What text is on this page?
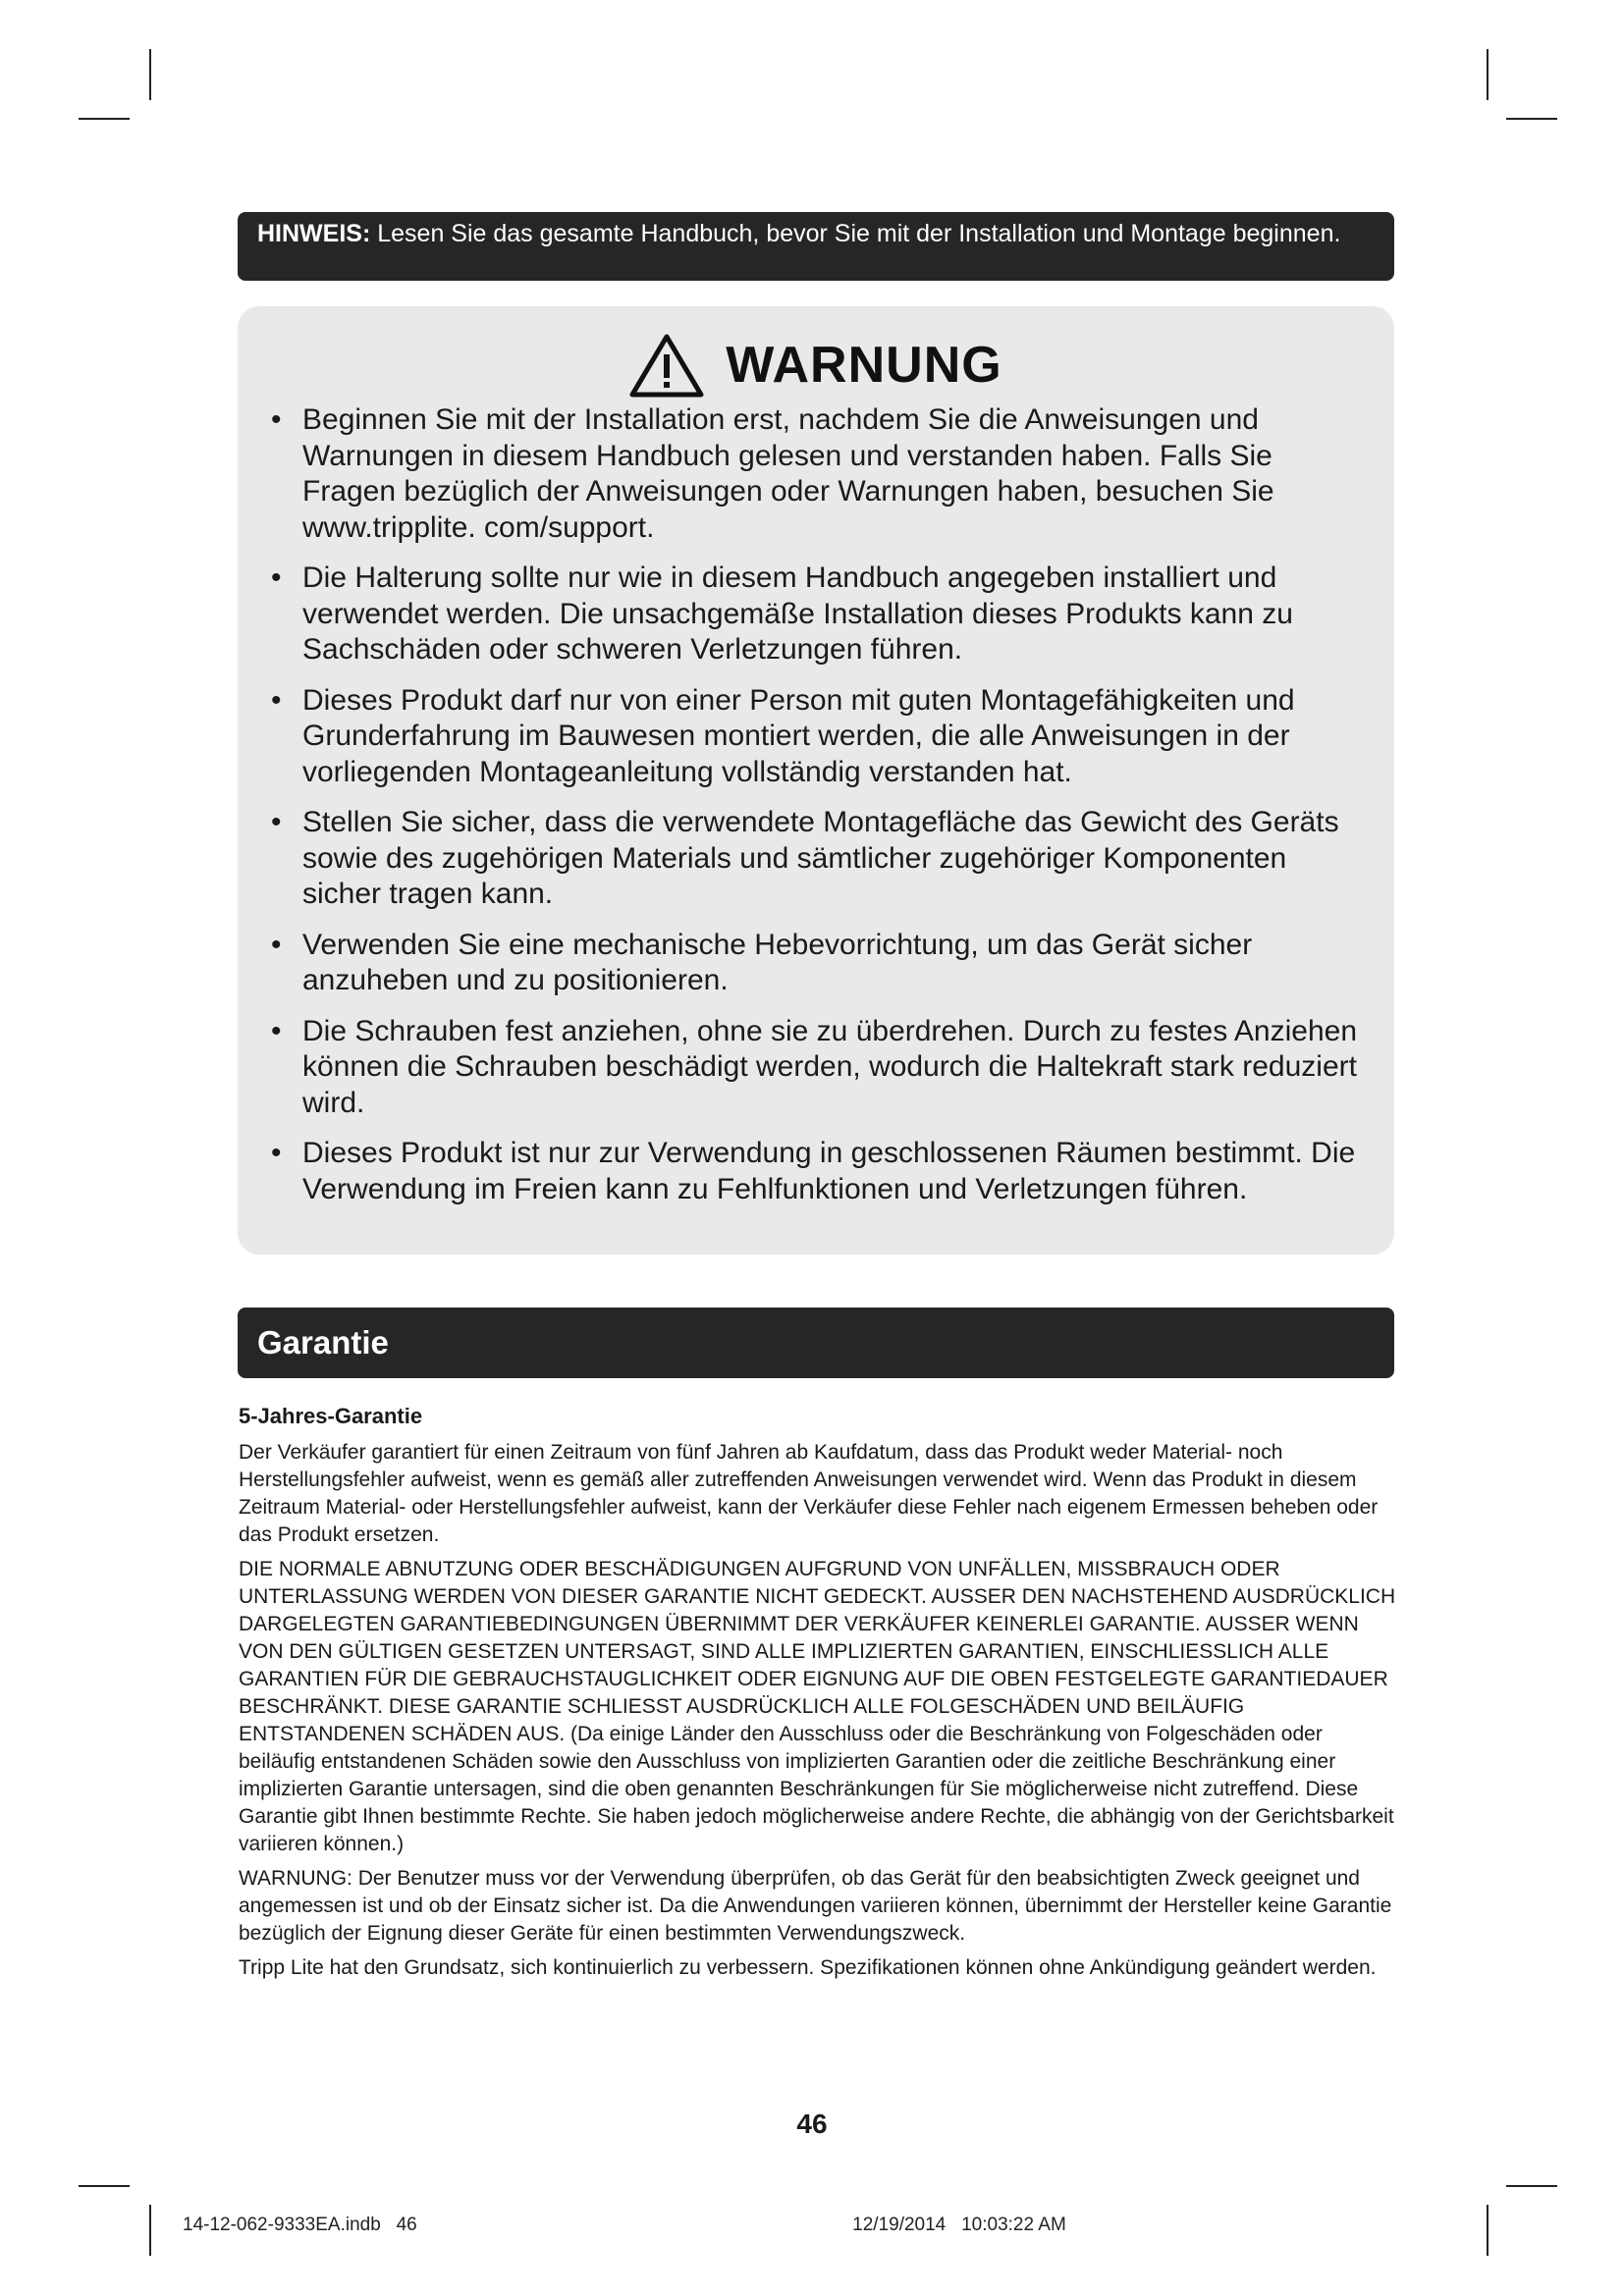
HINWEIS: Lesen Sie das gesamte Handbuch, bevor Sie mit der Installation und Montage beginnen.
WARNUNG
• Beginnen Sie mit der Installation erst, nachdem Sie die Anweisungen und Warnungen in diesem Handbuch gelesen und verstanden haben. Falls Sie Fragen bezüglich der Anweisungen oder Warnungen haben, besuchen Sie www.tripplite. com/support.
• Die Halterung sollte nur wie in diesem Handbuch angegeben installiert und verwendet werden. Die unsachgemäße Installation dieses Produkts kann zu Sachschäden oder schweren Verletzungen führen.
• Dieses Produkt darf nur von einer Person mit guten Montagefähigkeiten und Grunderfahrung im Bauwesen montiert werden, die alle Anweisungen in der vorliegenden Montageanleitung vollständig verstanden hat.
• Stellen Sie sicher, dass die verwendete Montagefläche das Gewicht des Geräts sowie des zugehörigen Materials und sämtlicher zugehöriger Komponenten sicher tragen kann.
• Verwenden Sie eine mechanische Hebevorrichtung, um das Gerät sicher anzuheben und zu positionieren.
• Die Schrauben fest anziehen, ohne sie zu überdrehen. Durch zu festes Anziehen können die Schrauben beschädigt werden, wodurch die Haltekraft stark reduziert wird.
• Dieses Produkt ist nur zur Verwendung in geschlossenen Räumen bestimmt. Die Verwendung im Freien kann zu Fehlfunktionen und Verletzungen führen.
Garantie
5-Jahres-Garantie

Der Verkäufer garantiert für einen Zeitraum von fünf Jahren ab Kaufdatum, dass das Produkt weder Material- noch Herstellungsfehler aufweist, wenn es gemäß aller zutreffenden Anweisungen verwendet wird. Wenn das Produkt in diesem Zeitraum Material- oder Herstellungsfehler aufweist, kann der Verkäufer diese Fehler nach eigenem Ermessen beheben oder das Produkt ersetzen.

DIE NORMALE ABNUTZUNG ODER BESCHÄDIGUNGEN AUFGRUND VON UNFÄLLEN, MISSBRAUCH ODER UNTERLASSUNG WERDEN VON DIESER GARANTIE NICHT GEDECKT. AUSSER DEN NACHSTEHEND AUSDRÜCKLICH DARGELEGTEN GARANTIEBEDINGUNGEN ÜBERNIMMT DER VERKÄUFER KEINERLEI GARANTIE. AUSSER WENN VON DEN GÜLTIGEN GESETZEN UNTERSAGT, SIND ALLE IMPLIZIERTEN GARANTIEN, EINSCHLIESSLICH ALLE GARANTIEN FÜR DIE GEBRAUCHSTAUGLICHKEIT ODER EIGNUNG AUF DIE OBEN FESTGELEGTE GARANTIEDAUER BESCHRÄNKT. DIESE GARANTIE SCHLIESST AUSDRÜCKLICH ALLE FOLGESCHÄDEN UND BEILÄUFIG ENTSTANDENEN SCHÄDEN AUS. (Da einige Länder den Ausschluss oder die Beschränkung von Folgeschäden oder beiläufig entstandenen Schäden sowie den Ausschluss von implizierten Garantien oder die zeitliche Beschränkung einer implizierten Garantie untersagen, sind die oben genannten Beschränkungen für Sie möglicherweise nicht zutreffend. Diese Garantie gibt Ihnen bestimmte Rechte. Sie haben jedoch möglicherweise andere Rechte, die abhängig von der Gerichtsbarkeit variieren können.)

WARNUNG: Der Benutzer muss vor der Verwendung überprüfen, ob das Gerät für den beabsichtigten Zweck geeignet und angemessen ist und ob der Einsatz sicher ist. Da die Anwendungen variieren können, übernimmt der Hersteller keine Garantie bezüglich der Eignung dieser Geräte für einen bestimmten Verwendungszweck.

Tripp Lite hat den Grundsatz, sich kontinuierlich zu verbessern. Spezifikationen können ohne Ankündigung geändert werden.

46
14-12-062-9333EA.indb   46                                                                                    12/19/2014   10:03:22 AM
